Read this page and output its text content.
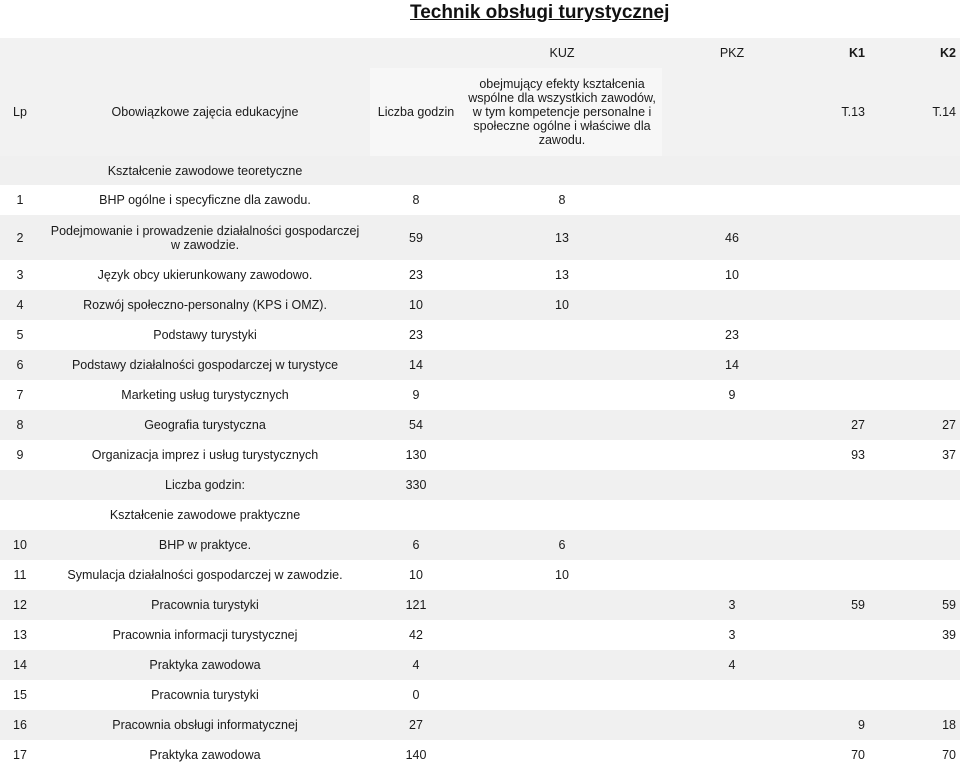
Technik obsługi turystycznej
			KUZ	PKZ	K1	K2
Lp	Obowiązkowe zajęcia edukacyjne	Liczba godzin	obejmujący efekty kształcenia wspólne dla wszystkich zawodów, w tym kompetencje personalne i społeczne ogólne i właściwe dla zawodu.		T.13	T.14
	Kształcenie zawodowe teoretyczne					
1	BHP ogólne i specyficzne dla zawodu.	8	8			
2	Podejmowanie i prowadzenie działalności gospodarczej w zawodzie.	59	13	46		
3	Język obcy ukierunkowany zawodowo.	23	13	10		
4	Rozwój społeczno-personalny (KPS i OMZ).	10	10			
5	Podstawy turystyki	23		23		
6	Podstawy działalności gospodarczej w turystyce	14		14		
7	Marketing usług turystycznych	9		9		
8	Geografia turystyczna	54			27	27
9	Organizacja imprez i usług turystycznych	130			93	37
	Liczba godzin:	330				
	Kształcenie zawodowe praktyczne					
10	BHP w praktyce.	6	6			
11	Symulacja działalności gospodarczej w zawodzie.	10	10			
12	Pracownia turystyki	121		3	59	59
13	Pracownia informacji turystycznej	42		3		39
14	Praktyka zawodowa	4		4		
15	Pracownia turystyki	0				
16	Pracownia obsługi informatycznej	27			9	18
17	Praktyka zawodowa	140			70	70
